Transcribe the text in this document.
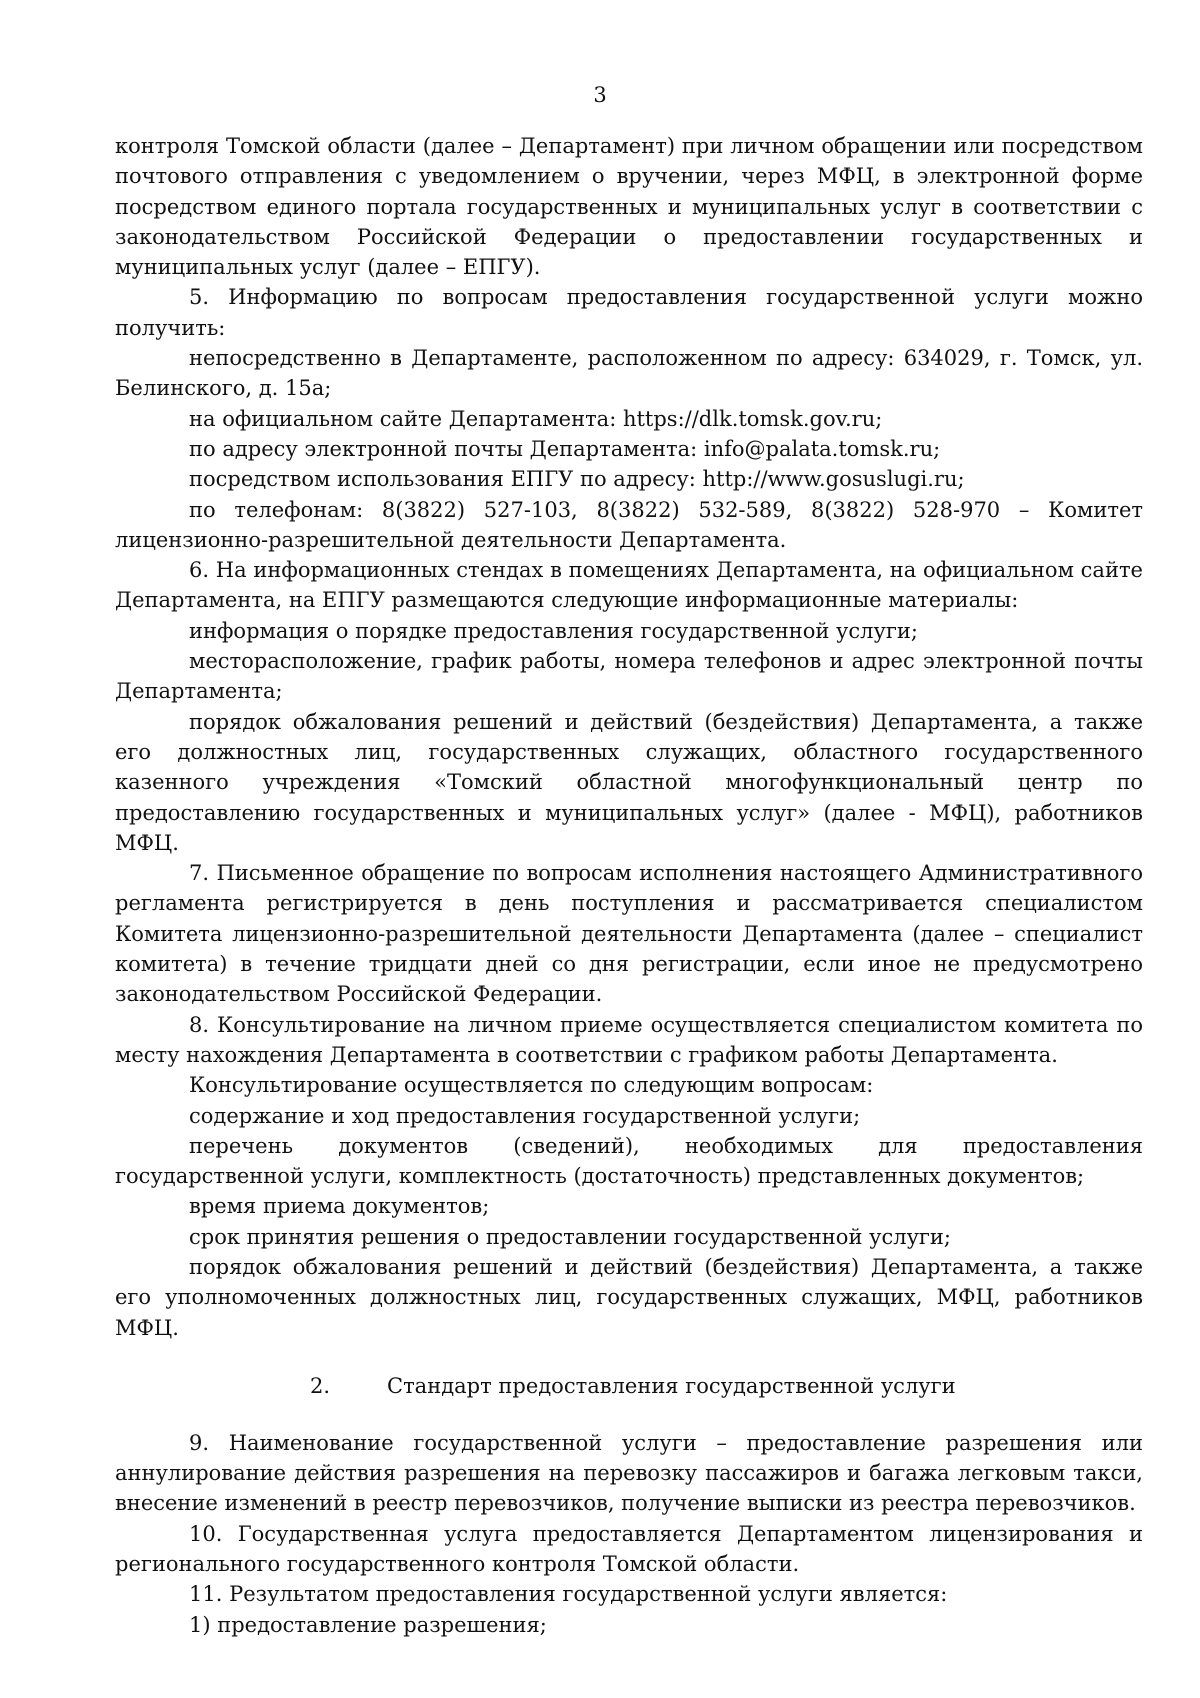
3

контроля Томской области (далее – Департамент) при личном обращении или посредством почтового отправления с уведомлением о вручении, через МФЦ, в электронной форме посредством единого портала государственных и муниципальных услуг в соответствии с законодательством Российской Федерации о предоставлении государственных и муниципальных услуг (далее – ЕПГУ).

5. Информацию по вопросам предоставления государственной услуги можно получить:

непосредственно в Департаменте, расположенном по адресу: 634029, г. Томск, ул. Белинского, д. 15а;

на официальном сайте Департамента: https://dlk.tomsk.gov.ru;

по адресу электронной почты Департамента: info@palata.tomsk.ru;

посредством использования ЕПГУ по адресу: http://www.gosuslugi.ru;

по телефонам: 8(3822) 527-103, 8(3822) 532-589, 8(3822) 528-970 – Комитет лицензионно-разрешительной деятельности Департамента.

6. На информационных стендах в помещениях Департамента, на официальном сайте Департамента, на ЕПГУ размещаются следующие информационные материалы:

информация о порядке предоставления государственной услуги;

месторасположение, график работы, номера телефонов и адрес электронной почты Департамента;

порядок обжалования решений и действий (бездействия) Департамента, а также его должностных лиц, государственных служащих, областного государственного казенного учреждения «Томский областной многофункциональный центр по предоставлению государственных и муниципальных услуг» (далее - МФЦ), работников МФЦ.

7. Письменное обращение по вопросам исполнения настоящего Административного регламента регистрируется в день поступления и рассматривается специалистом Комитета лицензионно-разрешительной деятельности Департамента (далее – специалист комитета) в течение тридцати дней со дня регистрации, если иное не предусмотрено законодательством Российской Федерации.

8. Консультирование на личном приеме осуществляется специалистом комитета по месту нахождения Департамента в соответствии с графиком работы Департамента.

Консультирование осуществляется по следующим вопросам:

содержание и ход предоставления государственной услуги;

перечень документов (сведений), необходимых для предоставления государственной услуги, комплектность (достаточность) представленных документов;

время приема документов;

срок принятия решения о предоставлении государственной услуги;

порядок обжалования решений и действий (бездействия) Департамента, а также его уполномоченных должностных лиц, государственных служащих, МФЦ, работников МФЦ.

2.	Стандарт предоставления государственной услуги

9. Наименование государственной услуги – предоставление разрешения или аннулирование действия разрешения на перевозку пассажиров и багажа легковым такси, внесение изменений в реестр перевозчиков, получение выписки из реестра перевозчиков.

10. Государственная услуга предоставляется Департаментом лицензирования и регионального государственного контроля Томской области.

11. Результатом предоставления государственной услуги является:

1) предоставление разрешения;
